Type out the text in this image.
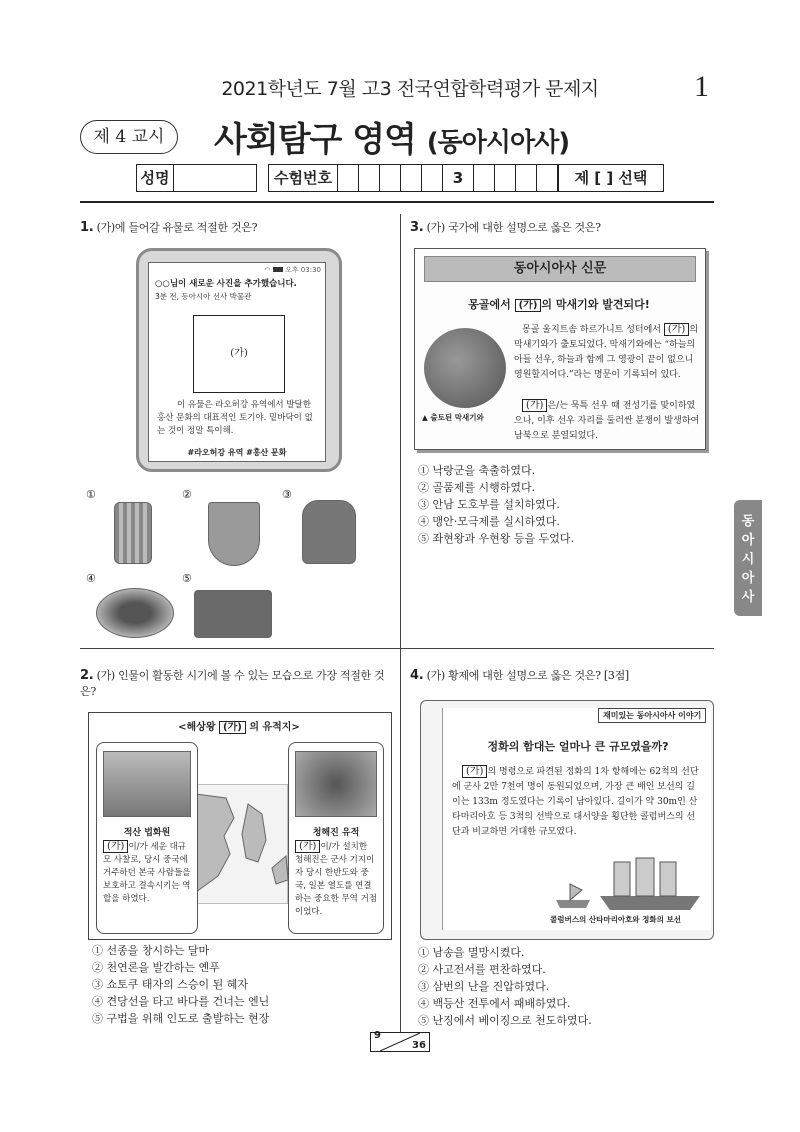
2021학년도 7월 고3 전국연합학력평가 문제지	1
제 4 교시	사회탐구 영역 (동아시아사)
성명	수험번호	3	제 [ ] 선택
1. (가)에 들어갈 유물로 적절한 것은?
◠ 오후 03:30
○○님이 새로운 사진을 추가했습니다.
3분 전, 동아시아 선사 박물관
(가)
이 유물은 라오허강 유역에서 발달한 홍산 문화의 대표적인 토기야. 밑바닥이 없는 것이 정말 특이해.
#라오허강 유역 #홍산 문화
①	②	③
④	⑤
2. (가) 인물이 활동한 시기에 볼 수 있는 모습으로 가장 적절한 것은?
<해상왕 (가) 의 유적지>
적산 법화원
(가) 이/가 세운 대규모 사찰로, 당시 중국에 거주하던 본국 사람들을 보호하고 결속시키는 역할을 하였다.
청해진 유적
(가) 이/가 설치한 청해진은 군사 기지이자 당시 한반도와 중국, 일본 열도를 연결하는 중요한 무역 거점이었다.
① 선종을 창시하는 달마
② 천연론을 발간하는 옌푸
③ 쇼토쿠 태자의 스승이 된 혜자
④ 견당선을 타고 바다를 건너는 엔닌
⑤ 구법을 위해 인도로 출발하는 현장
3. (가) 국가에 대한 설명으로 옳은 것은?
동아시아사 신문
몽골에서 (가) 의 막새기와 발견되다!
▲ 출토된 막새기와
몽골 울지트솜 하르가니트 성터에서 (가) 의 막새기와가 출토되었다. 막새기와에는 “하늘의 아들 선우, 하늘과 함께 그 영광이 끝이 없으니 영원할지어다.”라는 명문이 기록되어 있다.
(가) 은/는 묵특 선우 때 전성기를 맞이하였으나, 이후 선우 자리를 둘러싼 분쟁이 발생하여 남북으로 분열되었다.
① 낙랑군을 축출하였다.
② 골품제를 시행하였다.
③ 안남 도호부를 설치하였다.
④ 맹안·모극제를 실시하였다.
⑤ 좌현왕과 우현왕 등을 두었다.
동아시아사
4. (가) 황제에 대한 설명으로 옳은 것은? [3점]
재미있는 동아시아사 이야기
정화의 함대는 얼마나 큰 규모였을까?
(가) 의 명령으로 파견된 정화의 1차 항해에는 62척의 선단에 군사 2만 7천여 명이 동원되었으며, 가장 큰 배인 보선의 길이는 133m 정도였다는 기록이 남아있다. 길이가 약 30m인 산타마리아호 등 3척의 선박으로 대서양을 횡단한 콜럼버스의 선단과 비교하면 거대한 규모였다.
콜럼버스의 산타마리아호와 정화의 보선
① 남송을 멸망시켰다.
② 사고전서를 편찬하였다.
③ 삼번의 난을 진압하였다.
④ 백등산 전투에서 패배하였다.
⑤ 난징에서 베이징으로 천도하였다.
9
36
